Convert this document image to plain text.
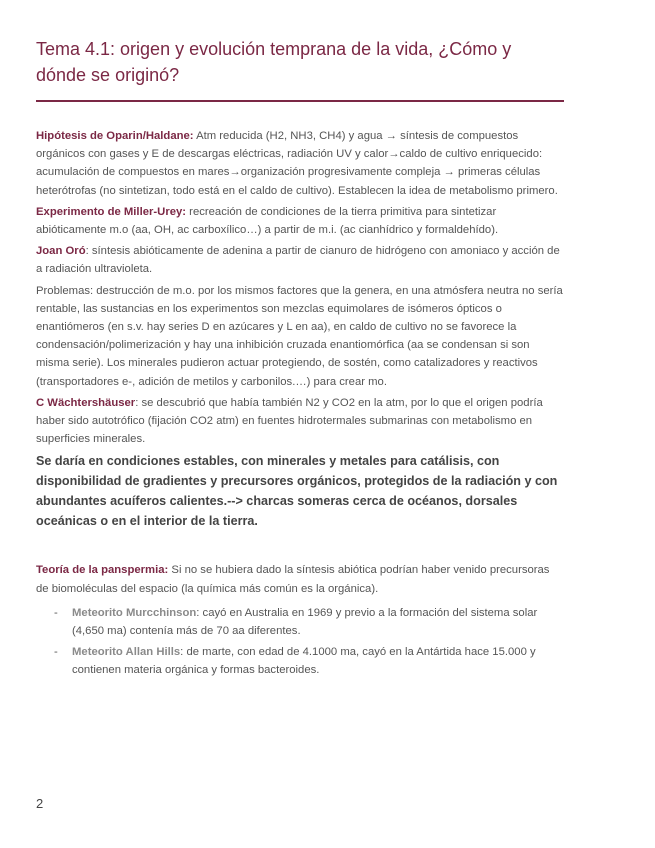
Tema 4.1: origen y evolución temprana de la vida, ¿Cómo y dónde se originó?

Hipótesis de Oparin/Haldane: Atm reducida (H2, NH3, CH4) y agua → síntesis de compuestos orgánicos con gases y E de descargas eléctricas, radiación UV y calor→caldo de cultivo enriquecido: acumulación de compuestos en mares→organización progresivamente compleja → primeras células heterótrofas (no sintetizan, todo está en el caldo de cultivo). Establecen la idea de metabolismo primero.

Experimento de Miller-Urey: recreación de condiciones de la tierra primitiva para sintetizar abióticamente m.o (aa, OH, ac carboxílico…) a partir de m.i. (ac cianhídrico y formaldehído).

Joan Oró: síntesis abióticamente de adenina a partir de cianuro de hidrógeno con amoniaco y acción de a radiación ultravioleta.

Problemas: destrucción de m.o. por los mismos factores que la genera, en una atmósfera neutra no sería rentable, las sustancias en los experimentos son mezclas equimolares de isómeros ópticos o enantiómeros (en s.v. hay series D en azúcares y L en aa), en caldo de cultivo no se favorece la condensación/polimerización y hay una inhibición cruzada enantiomórfica (aa se condensan si son misma serie). Los minerales pudieron actuar protegiendo, de sostén, como catalizadores y reactivos (transportadores e-, adición de metilos y carbonilos.…) para crear mo.

C Wächtershäuser: se descubrió que había también N2 y CO2 en la atm, por lo que el origen podría haber sido autotrófico (fijación CO2 atm) en fuentes hidrotermales submarinas con metabolismo en superficies minerales.

Se daría en condiciones estables, con minerales y metales para catálisis, con disponibilidad de gradientes y precursores orgánicos, protegidos de la radiación y con abundantes acuíferos calientes.--> charcas someras cerca de océanos, dorsales oceánicas o en el interior de la tierra.

Teoría de la panspermia: Si no se hubiera dado la síntesis abiótica podrían haber venido precursoras de biomoléculas del espacio (la química más común es la orgánica).

- Meteorito Murcchinson: cayó en Australia en 1969 y previo a la formación del sistema solar (4,650 ma) contenía más de 70 aa diferentes.
- Meteorito Allan Hills: de marte, con edad de 4.1000 ma, cayó en la Antártida hace 15.000 y contienen materia orgánica y formas bacteroides.
2
